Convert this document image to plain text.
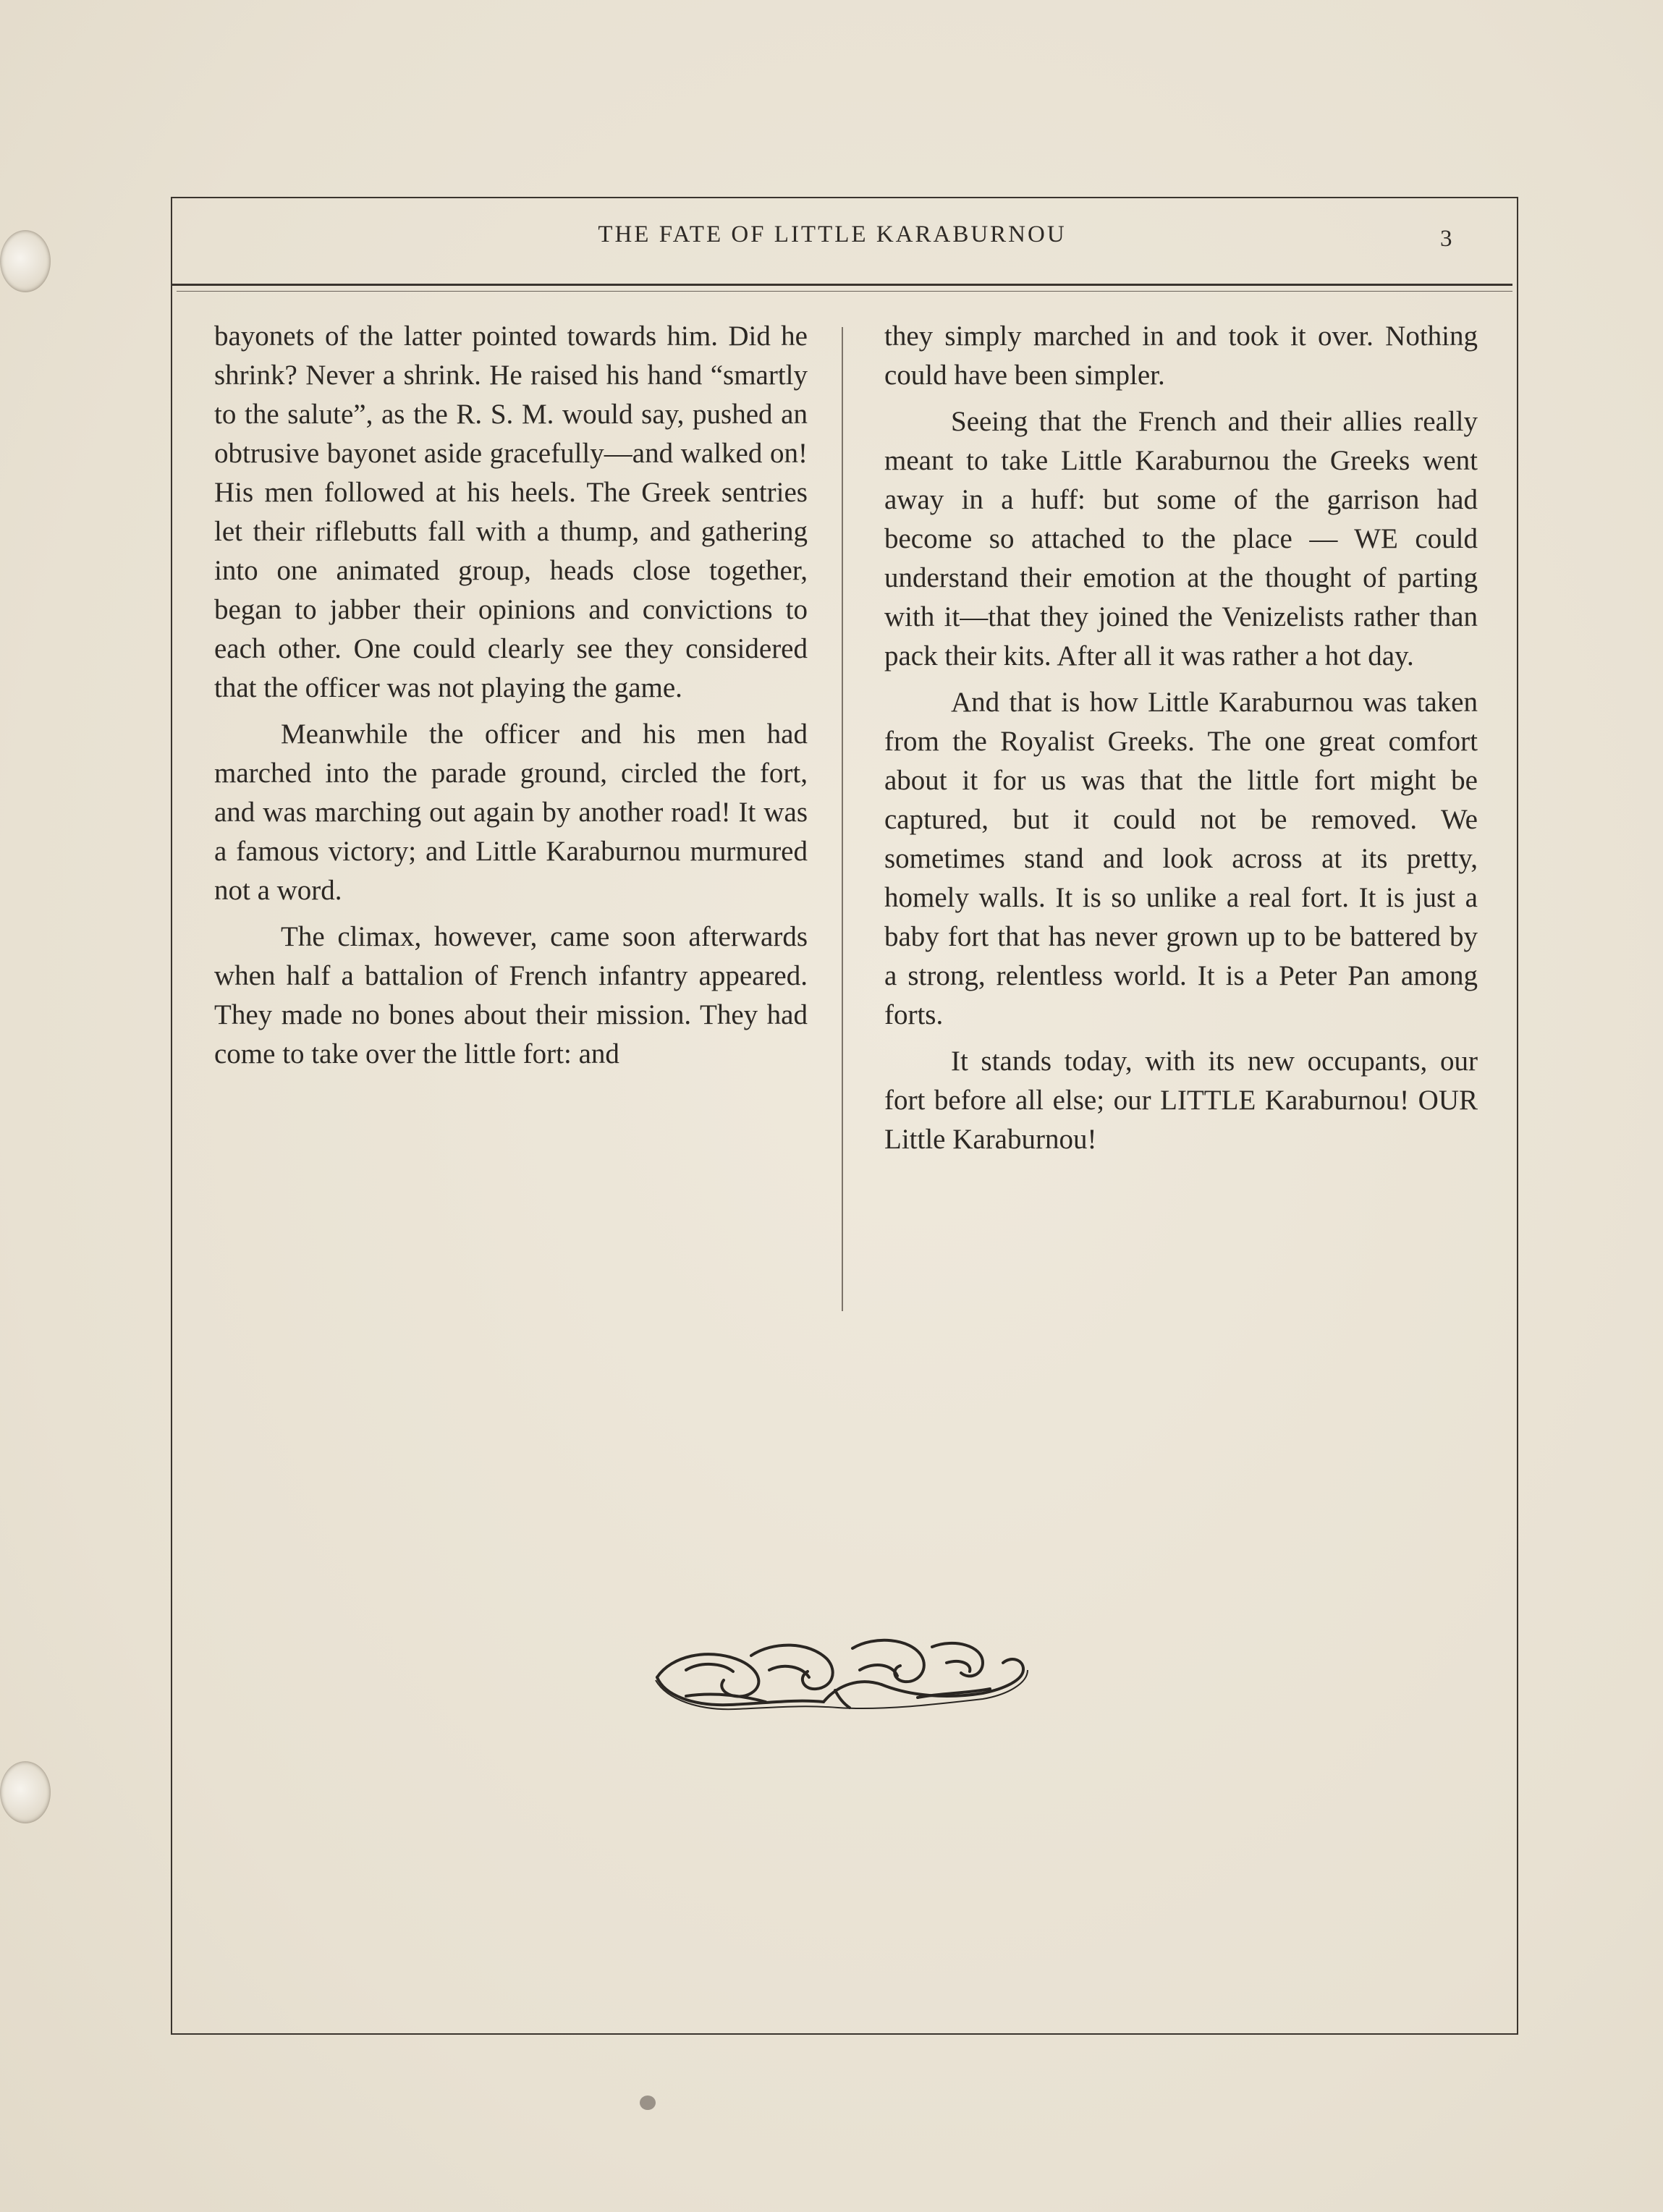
THE FATE OF LITTLE KARABURNOU	3

bayonets of the latter pointed towards him. Did he shrink? Never a shrink. He raised his hand “smartly to the salute”, as the R. S. M. would say, pushed an obtrusive bayonet aside gracefully—and walked on! His men followed at his heels. The Greek sentries let their riflebutts fall with a thump, and gathering into one animated group, heads close together, began to jabber their opinions and convictions to each other. One could clearly see they considered that the officer was not playing the game.

Meanwhile the officer and his men had marched into the parade ground, circled the fort, and was marching out again by another road! It was a famous victory; and Little Karaburnou murmured not a word.

The climax, however, came soon afterwards when half a battalion of French infantry appeared. They made no bones about their mission. They had come to take over the little fort: and

they simply marched in and took it over. Nothing could have been simpler.

Seeing that the French and their allies really meant to take Little Karaburnou the Greeks went away in a huff: but some of the garrison had become so attached to the place — WE could understand their emotion at the thought of parting with it—that they joined the Venizelists rather than pack their kits. After all it was rather a hot day.

And that is how Little Karaburnou was taken from the Royalist Greeks. The one great comfort about it for us was that the little fort might be captured, but it could not be removed. We sometimes stand and look across at its pretty, homely walls. It is so unlike a real fort. It is just a baby fort that has never grown up to be battered by a strong, relentless world. It is a Peter Pan among forts.

It stands today, with its new occupants, our fort before all else; our LITTLE Karaburnou! OUR Little Karaburnou!
